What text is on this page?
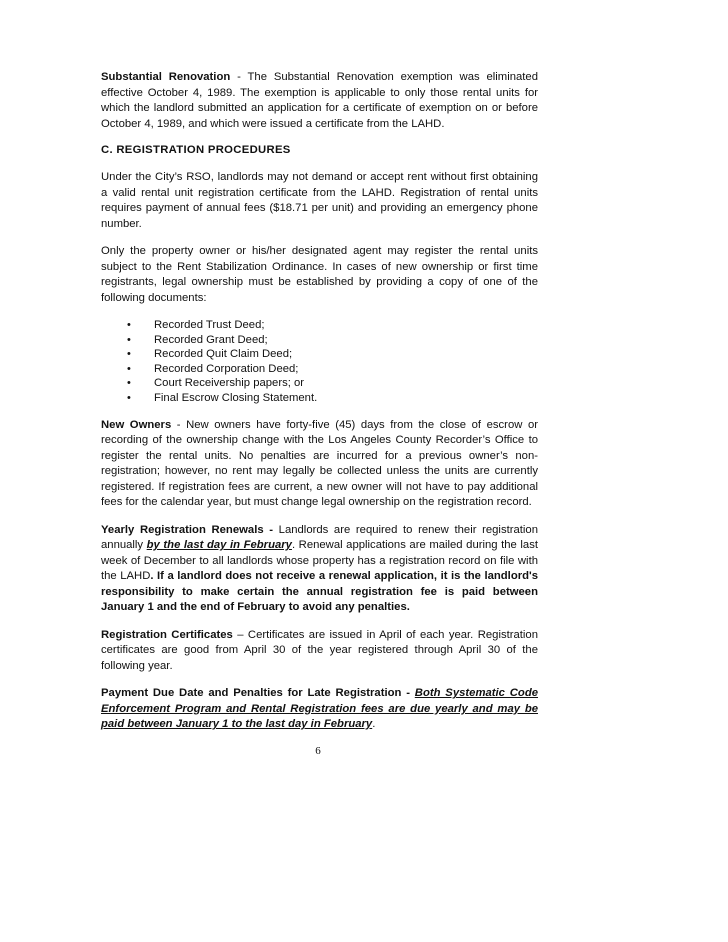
Substantial Renovation - The Substantial Renovation exemption was eliminated effective October 4, 1989. The exemption is applicable to only those rental units for which the landlord submitted an application for a certificate of exemption on or before October 4, 1989, and which were issued a certificate from the LAHD.

C. REGISTRATION PROCEDURES

Under the City’s RSO, landlords may not demand or accept rent without first obtaining a valid rental unit registration certificate from the LAHD. Registration of rental units requires payment of annual fees ($18.71 per unit) and providing an emergency phone number.

Only the property owner or his/her designated agent may register the rental units subject to the Rent Stabilization Ordinance. In cases of new ownership or first time registrants, legal ownership must be established by providing a copy of one of the following documents:

• Recorded Trust Deed;
• Recorded Grant Deed;
• Recorded Quit Claim Deed;
• Recorded Corporation Deed;
• Court Receivership papers; or
• Final Escrow Closing Statement.

New Owners - New owners have forty-five (45) days from the close of escrow or recording of the ownership change with the Los Angeles County Recorder’s Office to register the rental units. No penalties are incurred for a previous owner’s non-registration; however, no rent may legally be collected unless the units are currently registered. If registration fees are current, a new owner will not have to pay additional fees for the calendar year, but must change legal ownership on the registration record.

Yearly Registration Renewals - Landlords are required to renew their registration annually by the last day in February. Renewal applications are mailed during the last week of December to all landlords whose property has a registration record on file with the LAHD. If a landlord does not receive a renewal application, it is the landlord's responsibility to make certain the annual registration fee is paid between January 1 and the end of February to avoid any penalties.

Registration Certificates – Certificates are issued in April of each year. Registration certificates are good from April 30 of the year registered through April 30 of the following year.

Payment Due Date and Penalties for Late Registration - Both Systematic Code Enforcement Program and Rental Registration fees are due yearly and may be paid between January 1 to the last day in February.

6
